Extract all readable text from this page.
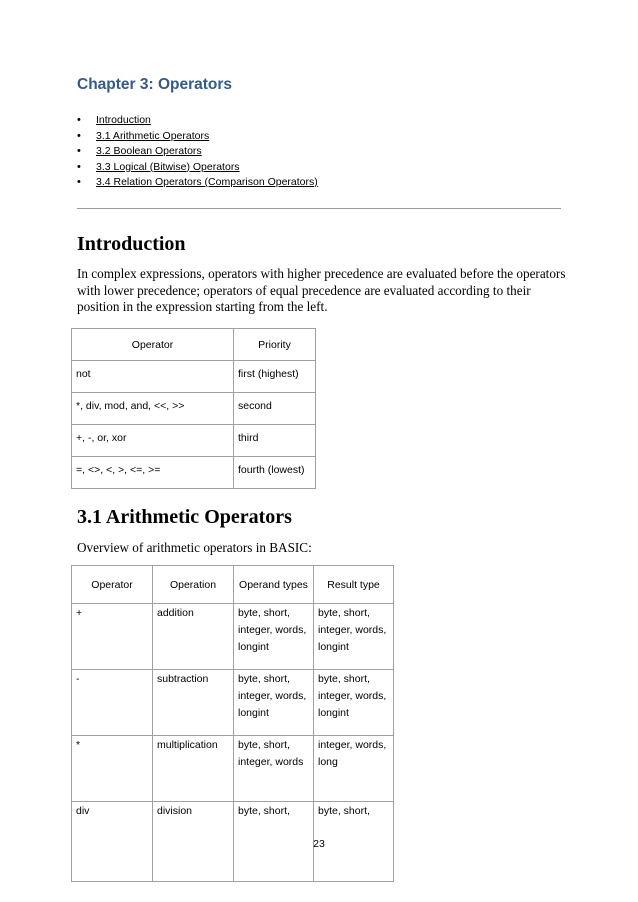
Chapter 3: Operators
• Introduction
• 3.1 Arithmetic Operators
• 3.2 Boolean Operators
• 3.3 Logical (Bitwise) Operators
• 3.4 Relation Operators (Comparison Operators)
Introduction

In complex expressions, operators with higher precedence are evaluated before the operators
with lower precedence; operators of equal precedence are evaluated according to their
position in the expression starting from the left.

Operator	Priority
not	first (highest)
*, div, mod, and, <<, >>	second
+, -, or, xor	third
=, <>, <, >, <=, >=	fourth (lowest)
3.1 Arithmetic Operators

Overview of arithmetic operators in BASIC:

Operator	Operation	Operand types	Result type
+	addition	byte, short,
integer, words,
longint	byte, short,
integer, words,
longint
-	subtraction	byte, short,
integer, words,
longint	byte, short,
integer, words,
longint
*	multiplication	byte, short,
integer, words	integer, words,
long
div	division	byte, short,	byte, short,
23
